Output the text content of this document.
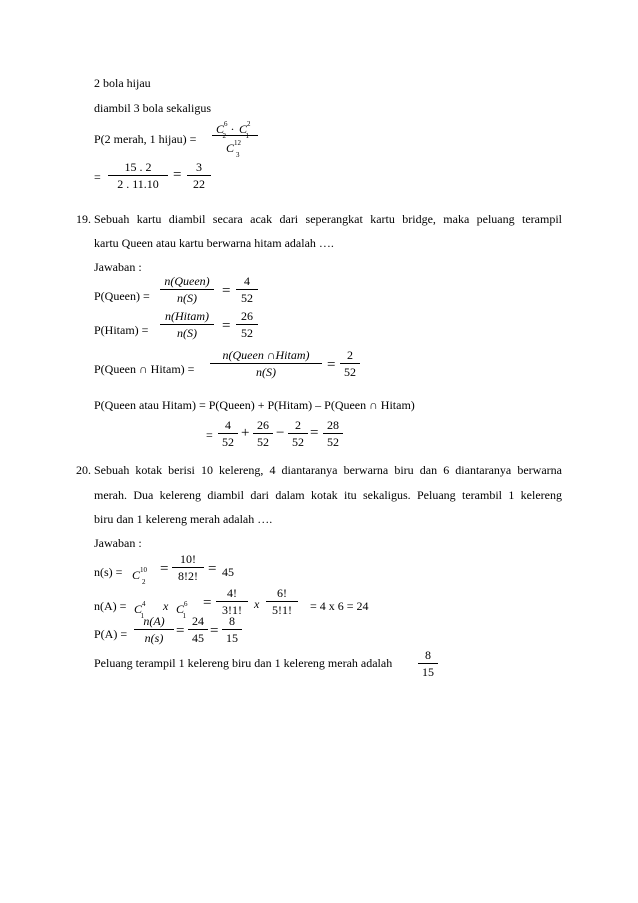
2 bola hijau
diambil 3 bola sekaligus
P(2 merah, 1 hijau) =
$C^6_2$
. $C^2_1$
$C^{12}_3$
=
15 . 2
2 . 11.10
=	3
22
19. Sebuah kartu diambil secara acak dari seperangkat kartu bridge, maka peluang terampil
kartu Queen atau kartu berwarna hitam adalah ….
Jawaban :
P(Queen) =
n(Queen)
n(S)	=
4
52
P(Hitam) =
n(Hitam)
n(S)	=
26
52
P(Queen ∩ Hitam) =
n(Queen ∩Hitam)
n(S)	=
2
52
P(Queen atau Hitam) = P(Queen) + P(Hitam) – P(Queen ∩ Hitam)
=
4
52
+ 26
52
− 2
52
= 28
52
20. Sebuah kotak berisi 10 kelereng, 4 diantaranya berwarna biru dan 6 diantaranya berwarna
merah. Dua kelereng diambil dari dalam kotak itu sekaligus. Peluang terambil 1 kelereng
biru dan 1 kelereng merah adalah ….
Jawaban :
$n(s) = C^{10}_2$
=
10!
8!2! = 45
$n(A) = C^4_1$
x $C^6_1$
=
4!
3!1!	x
6!
5!1!	= 4 x 6 = 24
P(A) =
n(A)
n(s) =
24
45 =
8
15
Peluang terampil 1 kelereng biru dan 1 kelereng merah adalah
8
15
